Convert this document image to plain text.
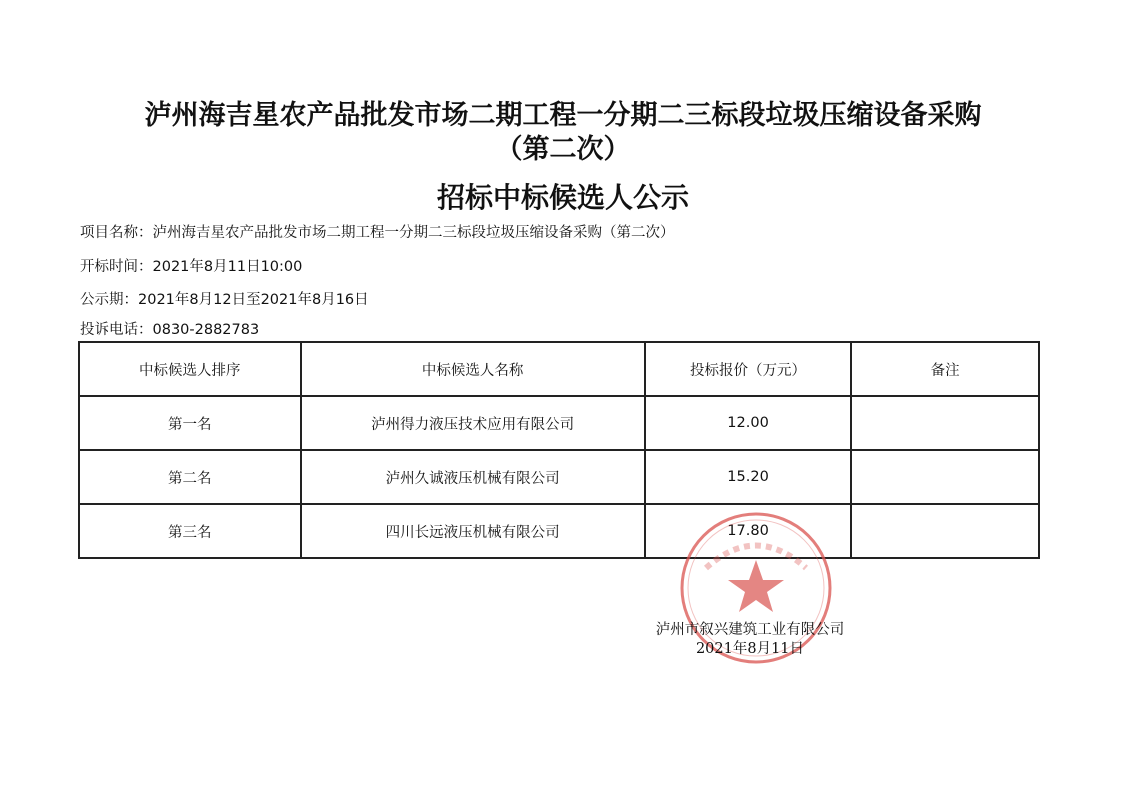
泸州海吉星农产品批发市场二期工程一分期二三标段垃圾压缩设备采购
（第二次）
招标中标候选人公示
项目名称：泸州海吉星农产品批发市场二期工程一分期二三标段垃圾压缩设备采购（第二次）
开标时间：2021年8月11日10:00
公示期：2021年8月12日至2021年8月16日
投诉电话：0830-2882783
中标候选人排序	中标候选人名称	投标报价（万元）	备注
第一名	泸州得力液压技术应用有限公司	12.00	
第二名	泸州久诚液压机械有限公司	15.20	
第三名	四川长远液压机械有限公司	17.80	
泸州市叙兴建筑工业有限公司
2021年8月11日
